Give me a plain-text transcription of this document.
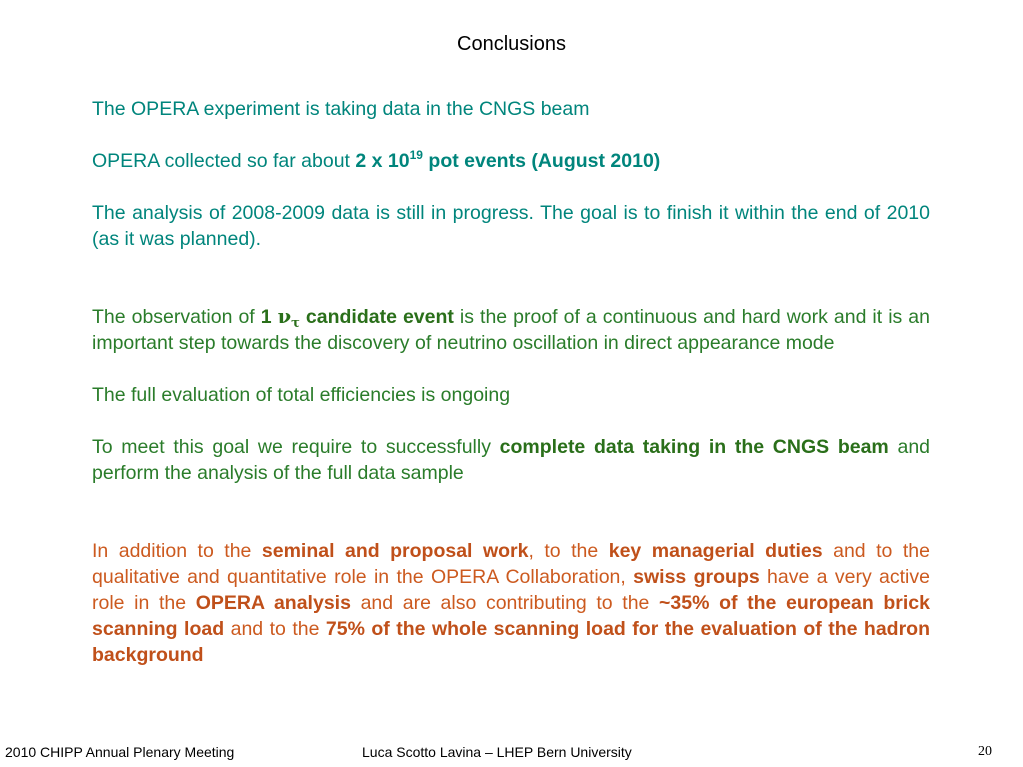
Conclusions

The OPERA experiment is taking data in the CNGS beam

OPERA collected so far about 2 x $10^{19}$ pot events (August 2010)

The analysis of 2008-2009 data is still in progress. The goal is to finish it within the end of 2010 (as it was planned).

The observation of 1 $\nu_\tau$ candidate event is the proof of a continuous and hard work and it is an important step towards the discovery of neutrino oscillation in direct appearance mode

The full evaluation of total efficiencies is ongoing

To meet this goal we require to successfully complete data taking in the CNGS beam and perform the analysis of the full data sample

In addition to the seminal and proposal work, to the key managerial duties and to the qualitative and quantitative role in the OPERA Collaboration, swiss groups have a very active role in the OPERA analysis and are also contributing to the ~35% of the european brick scanning load and to the 75% of the whole scanning load for the evaluation of the hadron background

2010 CHIPP Annual Plenary Meeting	Luca Scotto Lavina – LHEP Bern University	20
